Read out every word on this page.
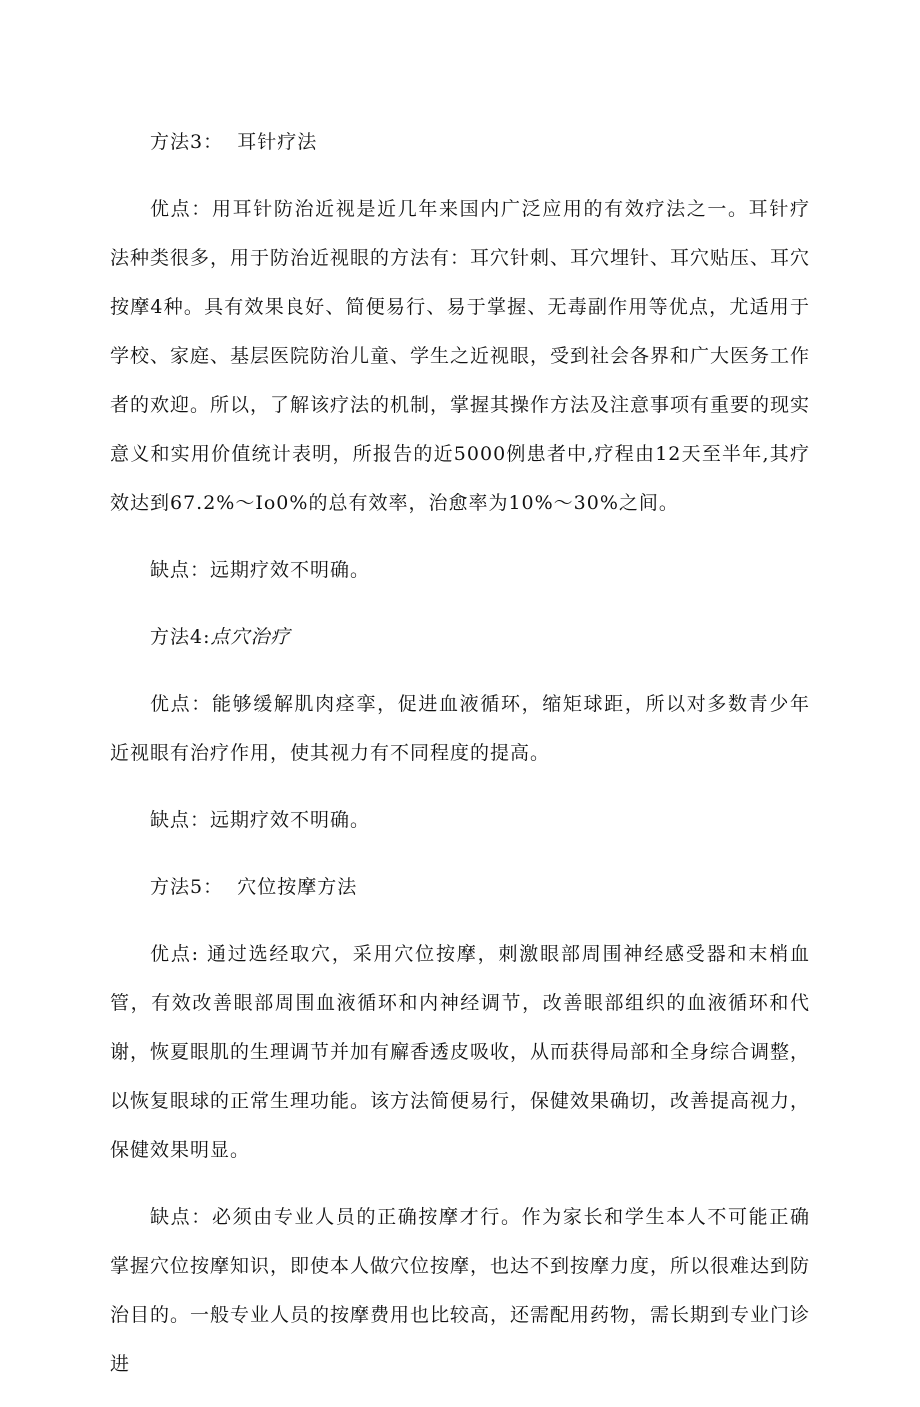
方法3： 耳针疗法

优点：用耳针防治近视是近几年来国内广泛应用的有效疗法之一。耳针疗法种类很多，用于防治近视眼的方法有：耳穴针刺、耳穴埋针、耳穴贴压、耳穴按摩4种。具有效果良好、简便易行、易于掌握、无毒副作用等优点，尤适用于学校、家庭、基层医院防治儿童、学生之近视眼，受到社会各界和广大医务工作者的欢迎。所以，了解该疗法的机制，掌握其操作方法及注意事项有重要的现实意义和实用价值统计表明，所报告的近5000例患者中,疗程由12天至半年,其疗效达到67.2%～Io0%的总有效率，治愈率为10%～30%之间。

缺点：远期疗效不明确。

方法4:点穴治疗

优点：能够缓解肌肉痉挛，促进血液循环，缩矩球距，所以对多数青少年近视眼有治疗作用，使其视力有不同程度的提高。

缺点：远期疗效不明确。

方法5： 穴位按摩方法

优点: 通过选经取穴，采用穴位按摩，刺激眼部周围神经感受器和末梢血管，有效改善眼部周围血液循环和内神经调节，改善眼部组织的血液循环和代谢，恢夏眼肌的生理调节并加有廨香透皮吸收，从而获得局部和全身综合调整，以恢复眼球的正常生理功能。该方法简便易行，保健效果确切，改善提高视力，保健效果明显。

缺点：必须由专业人员的正确按摩才行。作为家长和学生本人不可能正确掌握穴位按摩知识，即使本人做穴位按摩，也达不到按摩力度，所以很难达到防治目的。一般专业人员的按摩费用也比较高，还需配用药物，需长期到专业门诊进
